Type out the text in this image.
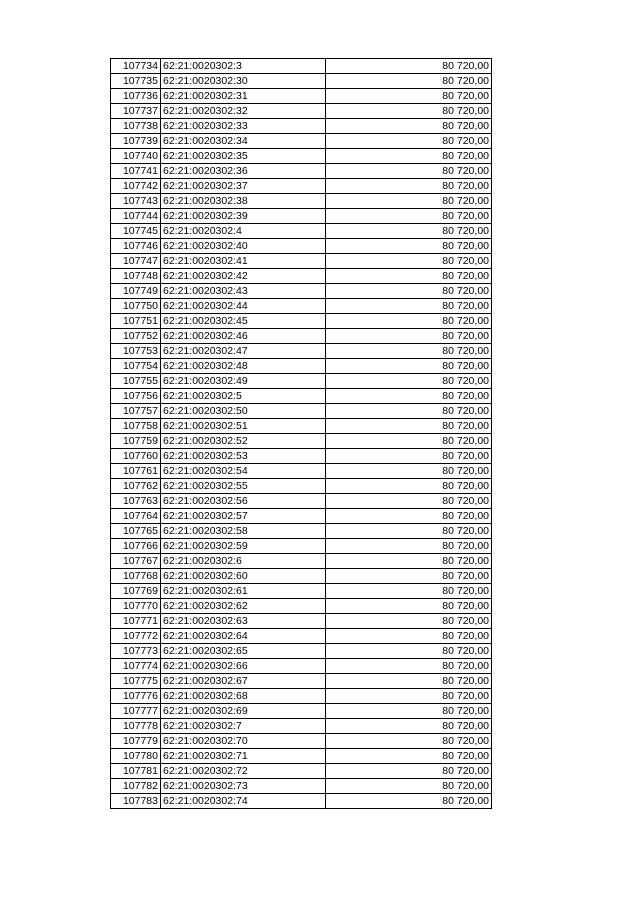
107734	62:21:0020302:3	80 720,00
107735	62:21:0020302:30	80 720,00
107736	62:21:0020302:31	80 720,00
107737	62:21:0020302:32	80 720,00
107738	62:21:0020302:33	80 720,00
107739	62:21:0020302:34	80 720,00
107740	62:21:0020302:35	80 720,00
107741	62:21:0020302:36	80 720,00
107742	62:21:0020302:37	80 720,00
107743	62:21:0020302:38	80 720,00
107744	62:21:0020302:39	80 720,00
107745	62:21:0020302:4	80 720,00
107746	62:21:0020302:40	80 720,00
107747	62:21:0020302:41	80 720,00
107748	62:21:0020302:42	80 720,00
107749	62:21:0020302:43	80 720,00
107750	62:21:0020302:44	80 720,00
107751	62:21:0020302:45	80 720,00
107752	62:21:0020302:46	80 720,00
107753	62:21:0020302:47	80 720,00
107754	62:21:0020302:48	80 720,00
107755	62:21:0020302:49	80 720,00
107756	62:21:0020302:5	80 720,00
107757	62:21:0020302:50	80 720,00
107758	62:21:0020302:51	80 720,00
107759	62:21:0020302:52	80 720,00
107760	62:21:0020302:53	80 720,00
107761	62:21:0020302:54	80 720,00
107762	62:21:0020302:55	80 720,00
107763	62:21:0020302:56	80 720,00
107764	62:21:0020302:57	80 720,00
107765	62:21:0020302:58	80 720,00
107766	62:21:0020302:59	80 720,00
107767	62:21:0020302:6	80 720,00
107768	62:21:0020302:60	80 720,00
107769	62:21:0020302:61	80 720,00
107770	62:21:0020302:62	80 720,00
107771	62:21:0020302:63	80 720,00
107772	62:21:0020302:64	80 720,00
107773	62:21:0020302:65	80 720,00
107774	62:21:0020302:66	80 720,00
107775	62:21:0020302:67	80 720,00
107776	62:21:0020302:68	80 720,00
107777	62:21:0020302:69	80 720,00
107778	62:21:0020302:7	80 720,00
107779	62:21:0020302:70	80 720,00
107780	62:21:0020302:71	80 720,00
107781	62:21:0020302:72	80 720,00
107782	62:21:0020302:73	80 720,00
107783	62:21:0020302:74	80 720,00
